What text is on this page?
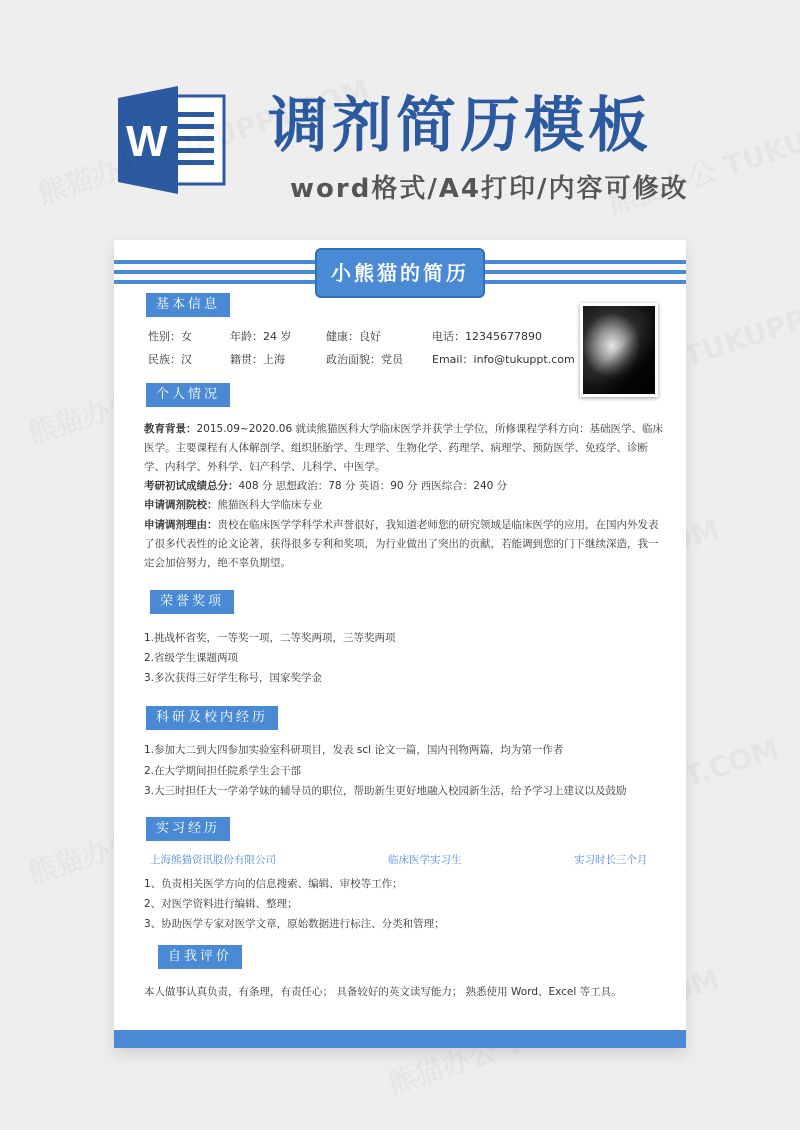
W 调剂简历模板
word格式/A4打印/内容可修改
小熊猫的简历
基本信息
性别：女	年龄：24 岁	健康：良好	电话：12345677890
民族：汉	籍贯：上海	政治面貌：党员	Email：info@tukuppt.com
个人情况
教育背景：2015.09~2020.06 就读熊猫医科大学临床医学并获学士学位，所修课程学科方向：基础医学、临床医学。主要课程有人体解剖学、组织胚胎学、生理学、生物化学、药理学、病理学、预防医学、免疫学、诊断学、内科学、外科学、妇产科学、儿科学、中医学。
考研初试成绩总分：408 分 思想政治：78 分 英语：90 分 西医综合：240 分
申请调剂院校：熊猫医科大学临床专业
申请调剂理由：贵校在临床医学学科学术声誉很好，我知道老师您的研究领域是临床医学的应用，在国内外发表了很多代表性的论文论著，获得很多专利和奖项，为行业做出了突出的贡献，若能调到您的门下继续深造，我一定会加倍努力，绝不辜负期望。
荣誉奖项
1.挑战杯省奖，一等奖一项，二等奖两项，三等奖两项
2.省级学生课题两项
3.多次获得三好学生称号，国家奖学金
科研及校内经历
1.参加大二到大四参加实验室科研项目，发表 scl 论文一篇，国内刊物两篇，均为第一作者
2.在大学期间担任院系学生会干部
3.大三时担任大一学弟学妹的辅导员的职位，帮助新生更好地融入校园新生活，给予学习上建议以及鼓励
实习经历
上海熊猫资讯股份有限公司	临床医学实习生	实习时长三个月
1、负责相关医学方向的信息搜索、编辑、审校等工作；
2、对医学资料进行编辑、整理；
3、协助医学专家对医学文章，原始数据进行标注、分类和管理；
自我评价
本人做事认真负责，有条理，有责任心； 具备较好的英文读写能力； 熟悉使用 Word、Excel 等工具。
